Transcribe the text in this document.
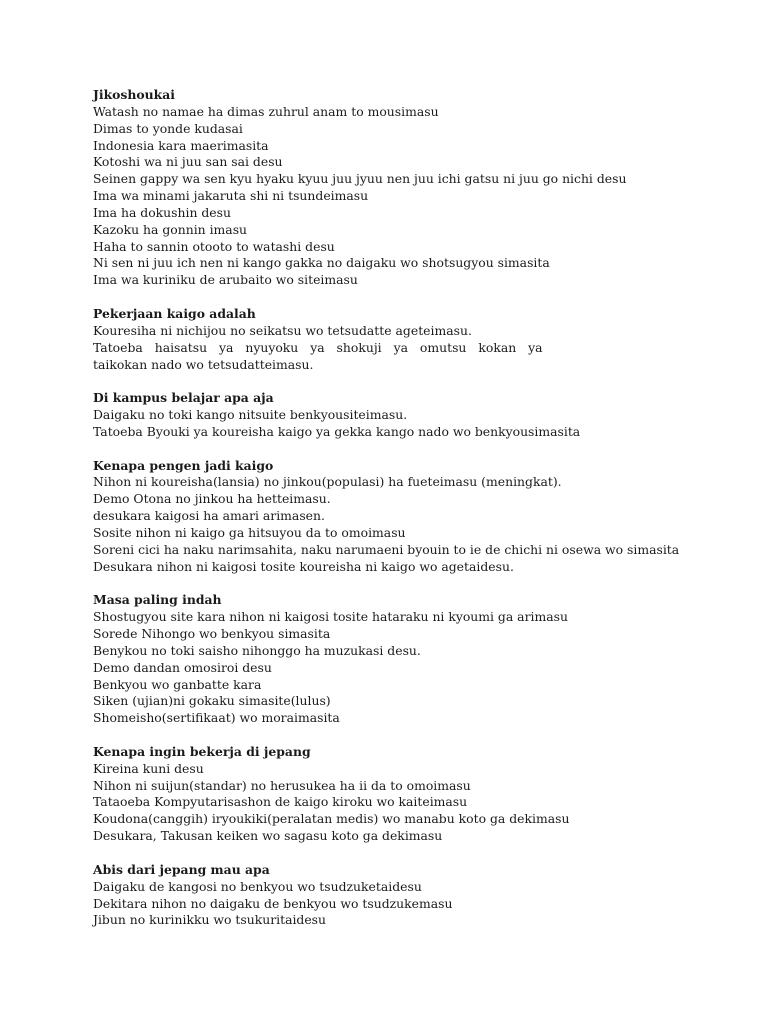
Jikoshoukai
Watash no namae ha dimas zuhrul anam to mousimasu
Dimas to yonde kudasai
Indonesia kara maerimasita
Kotoshi wa ni juu san sai desu
Seinen gappy wa sen kyu hyaku kyuu juu jyuu nen juu ichi gatsu ni juu go nichi desu
Ima wa minami jakaruta shi ni tsundeimasu
Ima ha dokushin desu
Kazoku ha gonnin imasu
Haha to sannin otooto to watashi desu
Ni sen ni juu ich nen ni kango gakka no daigaku wo shotsugyou simasita
Ima wa kuriniku de arubaito wo siteimasu
Pekerjaan kaigo adalah
Kouresiha ni nichijou no seikatsu wo tetsudatte ageteimasu.
Tatoeba haisatsu ya nyuyoku ya shokuji ya omutsu kokan ya
taikokan nado wo tetsudatteimasu.
Di kampus belajar apa aja
Daigaku no toki kango nitsuite benkyousiteimasu.
Tatoeba Byouki ya koureisha kaigo ya gekka kango nado wo benkyousimasita
Kenapa pengen jadi kaigo
Nihon ni koureisha(lansia) no jinkou(populasi) ha fueteimasu (meningkat).
Demo Otona no jinkou ha hetteimasu.
desukara kaigosi ha amari arimasen.
Sosite nihon ni kaigo ga hitsuyou da to omoimasu
Soreni cici ha naku narimsahita, naku narumaeni byouin to ie de chichi ni osewa wo simasita
Desukara nihon ni kaigosi tosite koureisha ni kaigo wo agetaidesu.
Masa paling indah
Shostugyou site kara nihon ni kaigosi tosite hataraku ni kyoumi ga arimasu
Sorede Nihongo wo benkyou simasita
Benykou no toki saisho nihonggo ha muzukasi desu.
Demo dandan omosiroi desu
Benkyou wo ganbatte kara
Siken (ujian)ni gokaku simasite(lulus)
Shomeisho(sertifikaat) wo moraimasita
Kenapa ingin bekerja di jepang
Kireina kuni desu
Nihon ni suijun(standar) no herusukea ha ii da to omoimasu
Tataoeba Kompyutarisashon de kaigo kiroku wo kaiteimasu
Koudona(canggih) iryoukiki(peralatan medis) wo manabu koto ga dekimasu
Desukara, Takusan keiken wo sagasu koto ga dekimasu
Abis dari jepang mau apa
Daigaku de kangosi no benkyou wo tsudzuketaidesu
Dekitara nihon no daigaku de benkyou wo tsudzukemasu
Jibun no kurinikku wo tsukuritaidesu
